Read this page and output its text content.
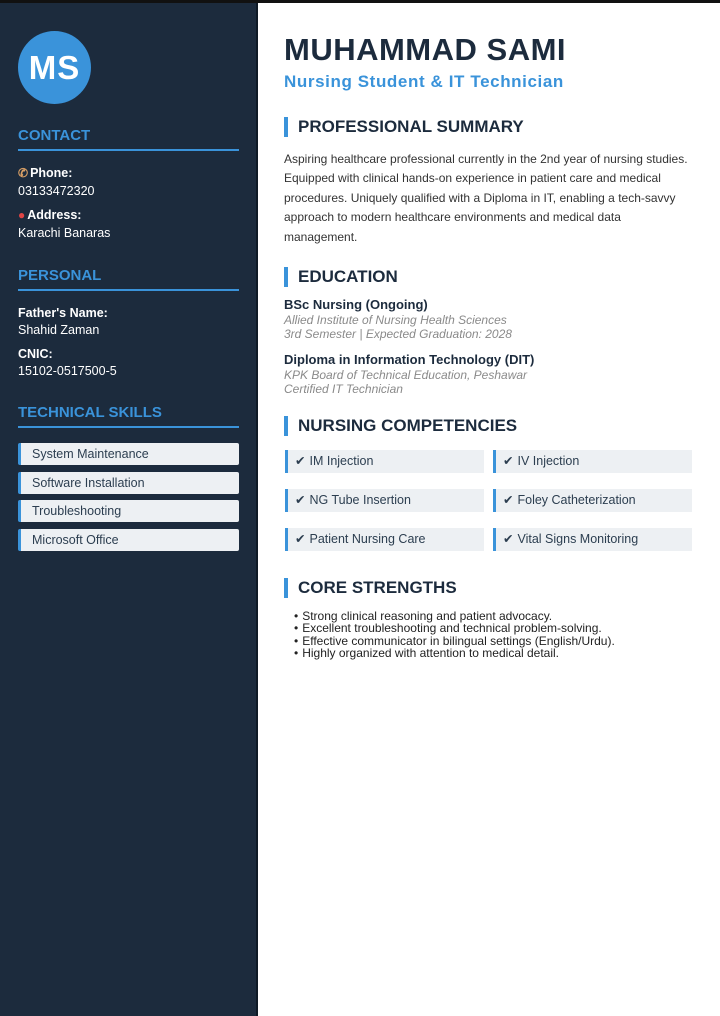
MS
CONTACT
✆ Phone:
03133472320
● Address:
Karachi Banaras
PERSONAL
Father's Name:
Shahid Zaman
CNIC:
15102-0517500-5
TECHNICAL SKILLS
System Maintenance
Software Installation
Troubleshooting
Microsoft Office
MUHAMMAD SAMI
Nursing Student & IT Technician
PROFESSIONAL SUMMARY
Aspiring healthcare professional currently in the 2nd year of nursing studies. Equipped with clinical hands-on experience in patient care and medical procedures. Uniquely qualified with a Diploma in IT, enabling a tech-savvy approach to modern healthcare environments and medical data management.
EDUCATION
BSc Nursing (Ongoing)
Allied Institute of Nursing Health Sciences
3rd Semester | Expected Graduation: 2028
Diploma in Information Technology (DIT)
KPK Board of Technical Education, Peshawar
Certified IT Technician
NURSING COMPETENCIES
✔ IM Injection	✔ IV Injection
✔ NG Tube Insertion	✔ Foley Catheterization
✔ Patient Nursing Care	✔ Vital Signs Monitoring
CORE STRENGTHS
• Strong clinical reasoning and patient advocacy.
• Excellent troubleshooting and technical problem-solving.
• Effective communicator in bilingual settings (English/Urdu).
• Highly organized with attention to medical detail.
